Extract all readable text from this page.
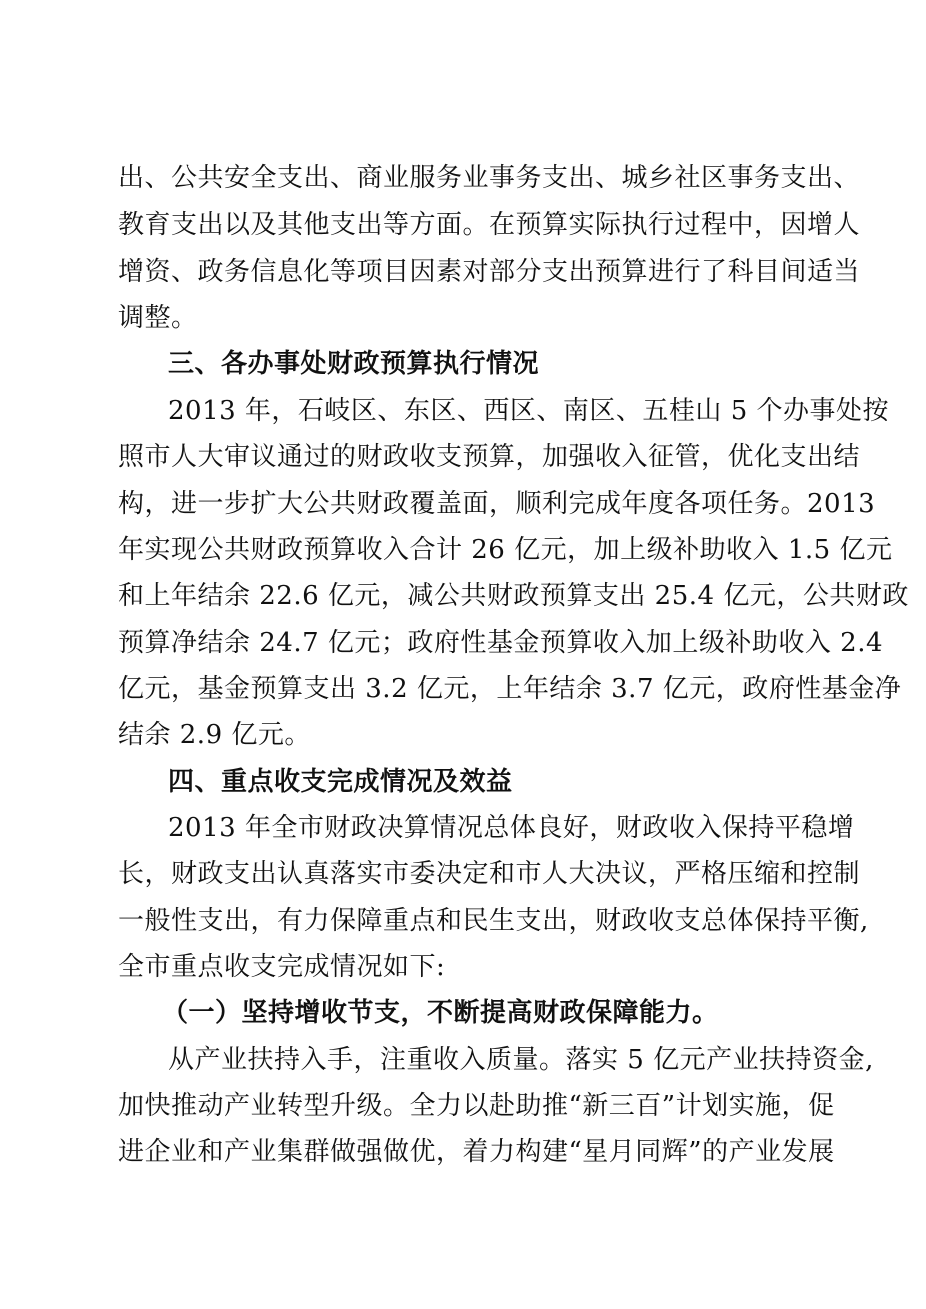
出、公共安全支出、商业服务业事务支出、城乡社区事务支出、
教育支出以及其他支出等方面。在预算实际执行过程中，因增人
增资、政务信息化等项目因素对部分支出预算进行了科目间适当
调整。
三、各办事处财政预算执行情况
2013 年，石岐区、东区、西区、南区、五桂山 5 个办事处按
照市人大审议通过的财政收支预算，加强收入征管，优化支出结
构，进一步扩大公共财政覆盖面，顺利完成年度各项任务。2013
年实现公共财政预算收入合计 26 亿元，加上级补助收入 1.5 亿元
和上年结余 22.6 亿元，减公共财政预算支出 25.4 亿元，公共财政
预算净结余 24.7 亿元；政府性基金预算收入加上级补助收入 2.4
亿元，基金预算支出 3.2 亿元，上年结余 3.7 亿元，政府性基金净
结余 2.9 亿元。
四、重点收支完成情况及效益
2013 年全市财政决算情况总体良好，财政收入保持平稳增
长，财政支出认真落实市委决定和市人大决议，严格压缩和控制
一般性支出，有力保障重点和民生支出，财政收支总体保持平衡,
全市重点收支完成情况如下:
（一）坚持增收节支，不断提高财政保障能力。
从产业扶持入手，注重收入质量。落实 5 亿元产业扶持资金,
加快推动产业转型升级。全力以赴助推“新三百”计划实施，促
进企业和产业集群做强做优，着力构建“星月同辉”的产业发展
